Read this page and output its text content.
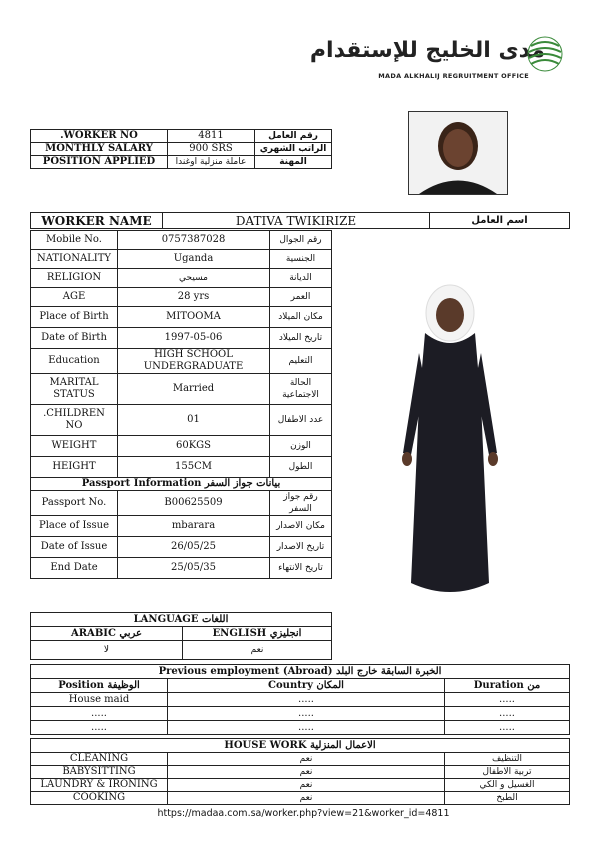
مدى الخليج للإستقدام
MADA ALKHALIJ REGRUITMENT OFFICE
.WORKER NO	4811	رقم العامل
MONTHLY SALARY	900 SRS	الراتب الشهري
POSITION APPLIED	عاملة منزلية اوغندا	المهنة
WORKER NAME	DATIVA TWIKIRIZE	اسم العامل
Mobile No.	0757387028	رقم الجوال
NATIONALITY	Uganda	الجنسية
RELIGION	مسيحي	الديانة
AGE	28 yrs	العمر
Place of Birth	MITOOMA	مكان الميلاد
Date of Birth	1997-05-06	تاريخ الميلاد
Education	HIGH SCHOOL UNDERGRADUATE	التعليم
MARITAL STATUS	Married	الحالة الاجتماعية
.CHILDREN NO	01	عدد الاطفال
WEIGHT	60KGS	الوزن
HEIGHT	155CM	الطول
Passport Information بيانات جواز السفر		
Passport No.	B00625509	رقم جواز السفر
Place of Issue	mbarara	مكان الاصدار
Date of Issue	26/05/25	تاريخ الاصدار
End Date	25/05/35	تاريخ الانتهاء
LANGUAGE اللغات	
ARABIC عربي	ENGLISH انجليزي
لا	نعم
Previous employment (Abroad) الخبرة السابقة خارج البلد		
Position الوظيفة	Country المكان	Duration من
House maid	.....	.....
.....	.....	.....
.....	.....	.....
HOUSE WORK الاعمال المنزلية		
CLEANING	نعم	التنظيف
BABYSITTING	نعم	تربية الاطفال
LAUNDRY & IRONING	نعم	الغسيل و الكي
COOKING	نعم	الطبخ
https://madaa.com.sa/worker.php?view=21&worker_id=4811
